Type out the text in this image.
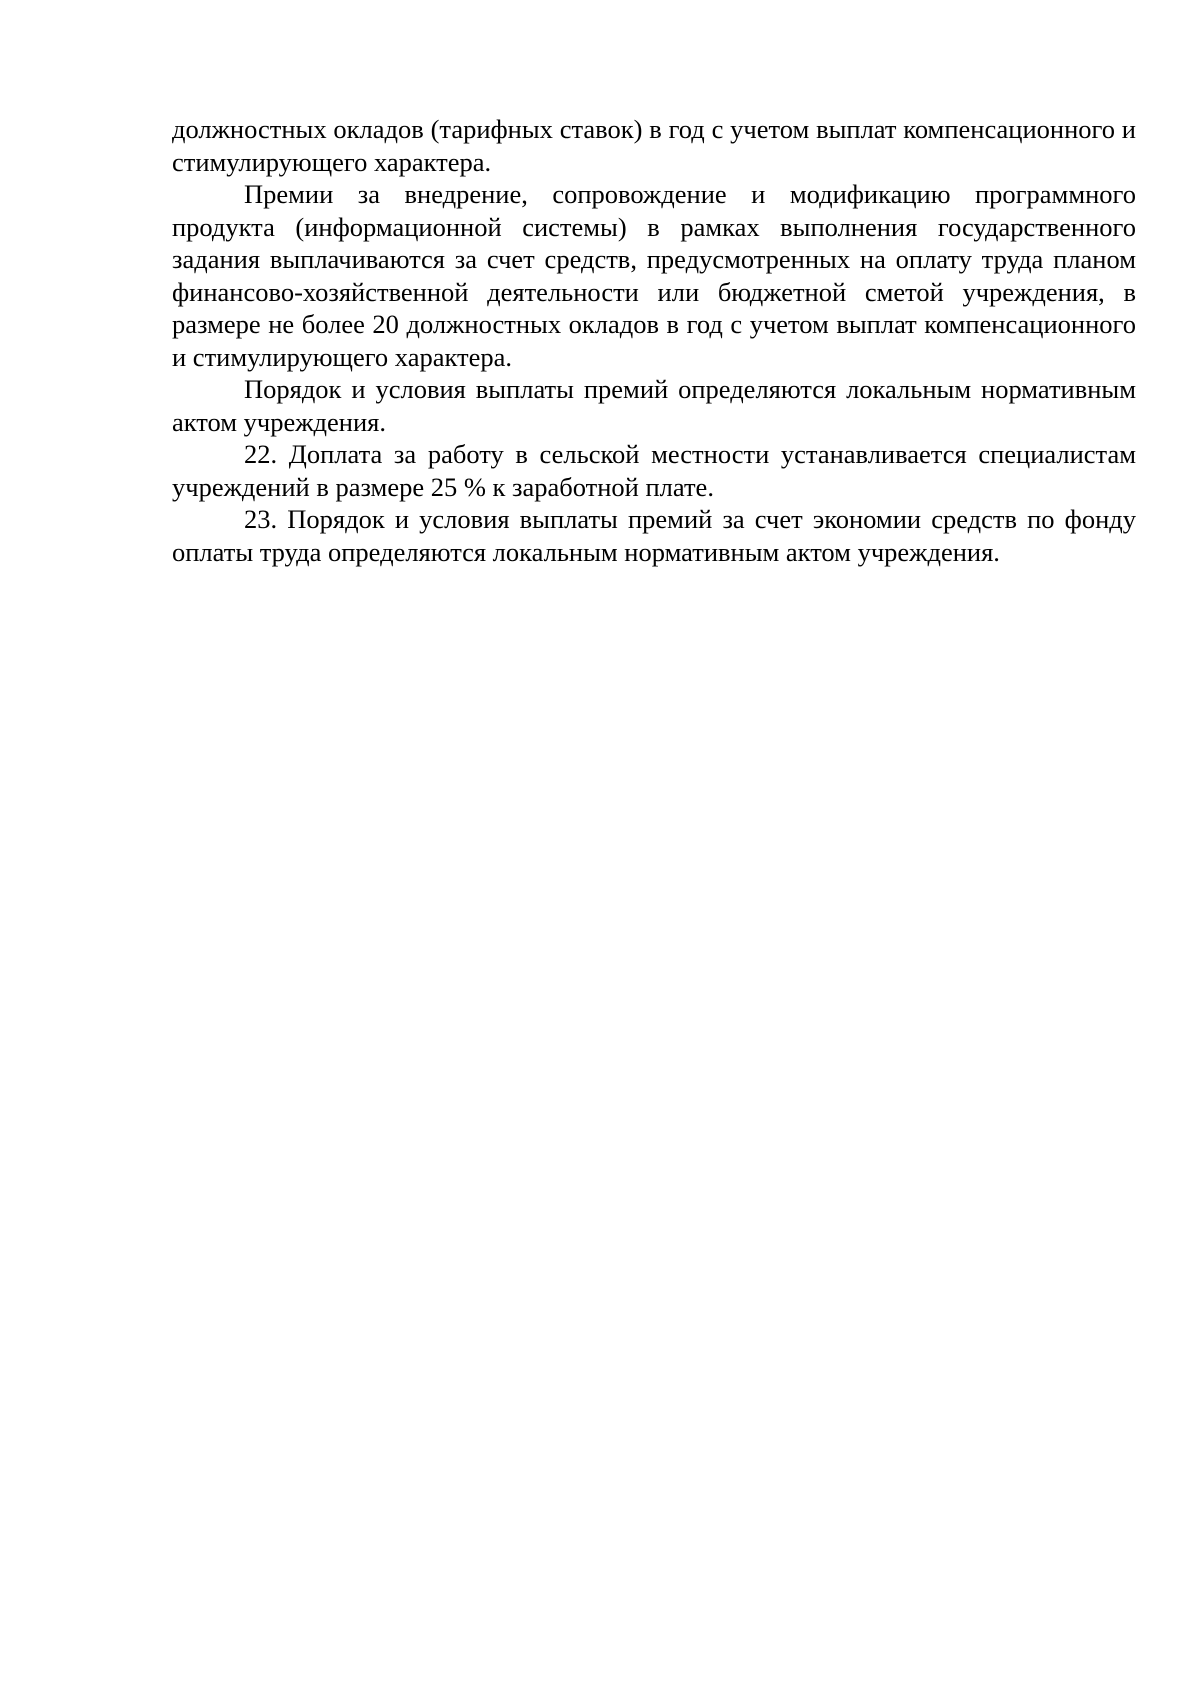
должностных окладов (тарифных ставок) в год с учетом выплат компенсационного и стимулирующего характера.

Премии за внедрение, сопровождение и модификацию программного продукта (информационной системы) в рамках выполнения государственного задания выплачиваются за счет средств, предусмотренных на оплату труда планом финансово-хозяйственной деятельности или бюджетной сметой учреждения, в размере не более 20 должностных окладов в год с учетом выплат компенсационного и стимулирующего характера.

Порядок и условия выплаты премий определяются локальным нормативным актом учреждения.

22. Доплата за работу в сельской местности устанавливается специалистам учреждений в размере 25 % к заработной плате.

23. Порядок и условия выплаты премий за счет экономии средств по фонду оплаты труда определяются локальным нормативным актом учреждения.
